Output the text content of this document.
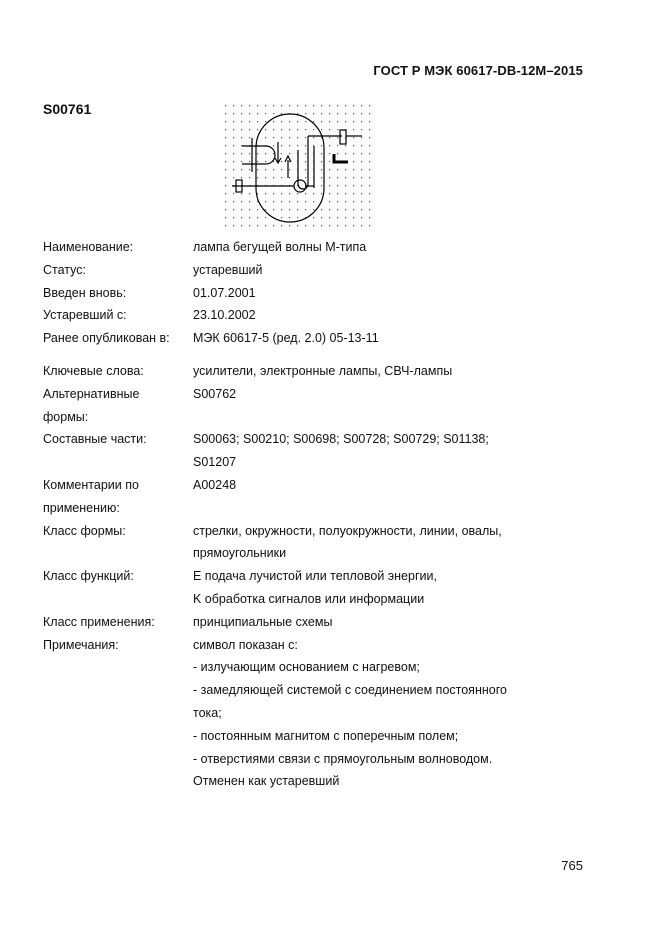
ГОСТ Р МЭК 60617-DB-12M–2015
S00761
Наименование:	лампа бегущей волны М-типа
Статус:	устаревший
Введен вновь:	01.07.2001
Устаревший с:	23.10.2002
Ранее опубликован в:	МЭК 60617-5 (ред. 2.0) 05-13-11
Ключевые слова:	усилители, электронные лампы, СВЧ-лампы
Альтернативные
формы:
S00762
Составные части:	S00063; S00210; S00698; S00728; S00729; S01138;
S01207
Комментарии по
применению:
A00248
Класс формы:	стрелки, окружности, полуокружности, линии, овалы,
прямоугольники
Класс функций:	E подача лучистой или тепловой энергии,
K обработка сигналов или информации
Класс применения:	принципиальные схемы
Примечания:	символ показан с:
- излучающим основанием с нагревом;
- замедляющей системой с соединением постоянного
тока;
- постоянным магнитом с поперечным полем;
- отверстиями связи с прямоугольным волноводом.
Отменен как устаревший
765
